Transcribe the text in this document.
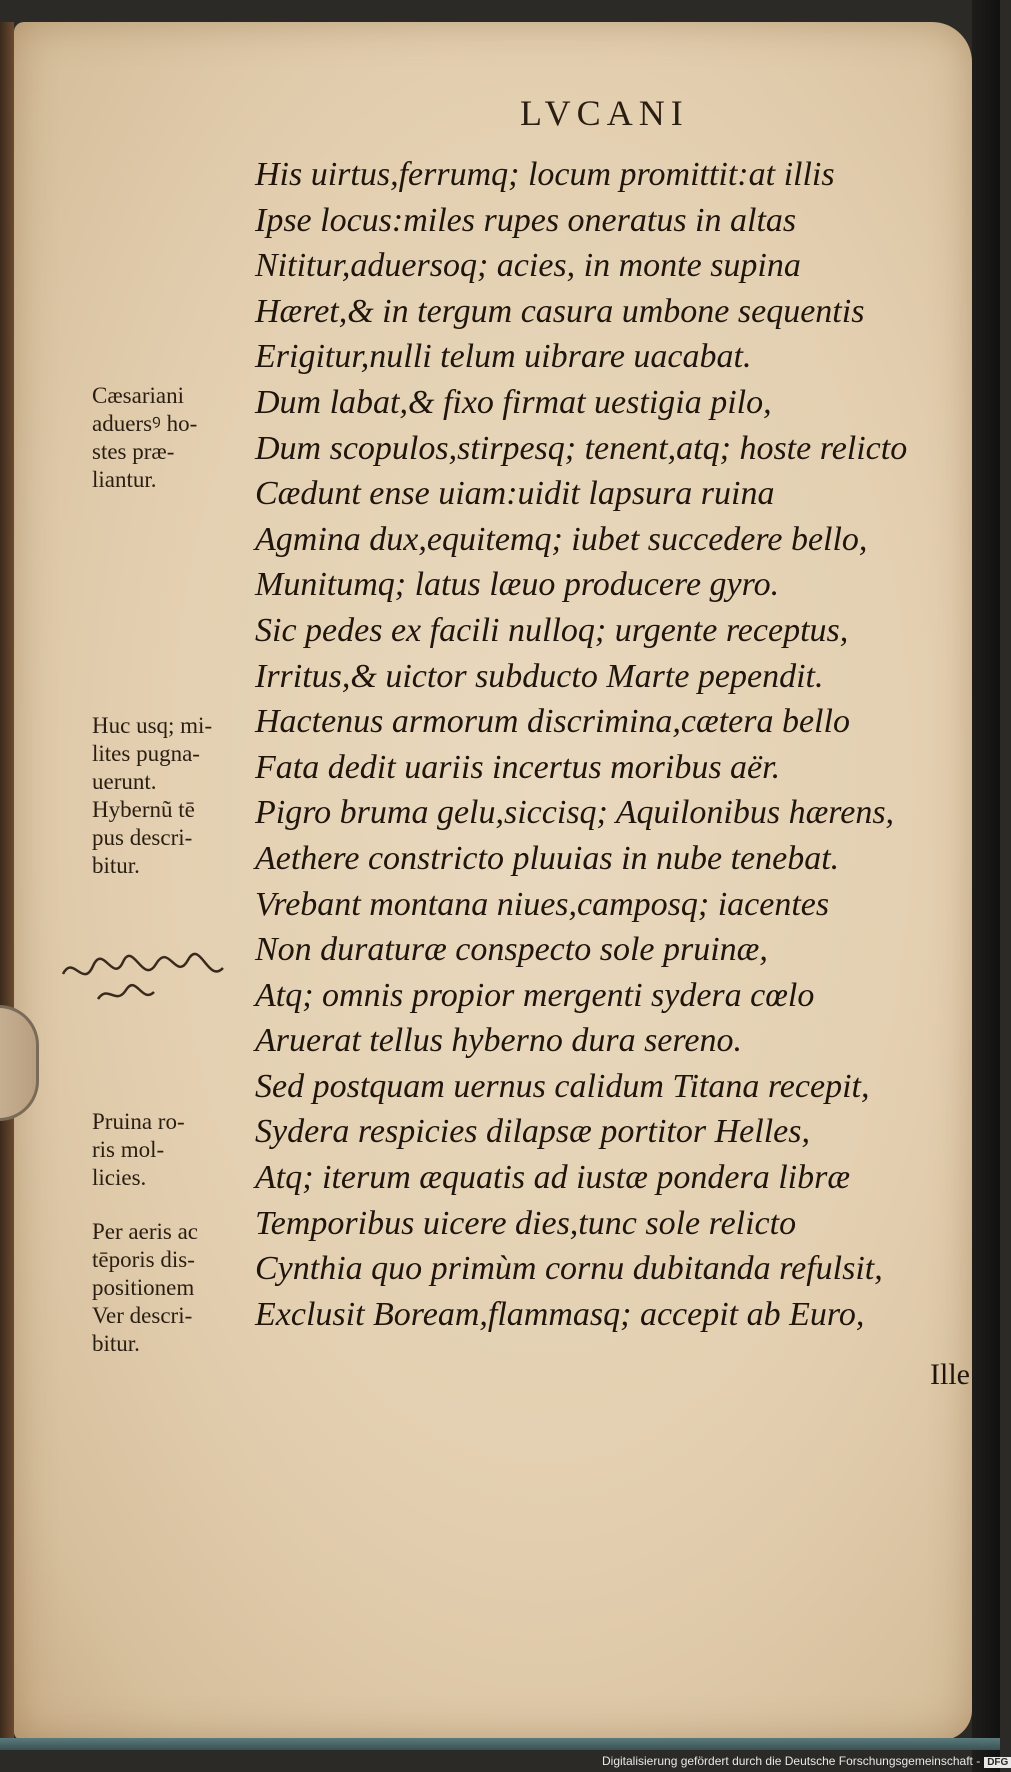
LVCANI
His uirtus,ferrumq; locum promittit:at illis
Ipse locus:miles rupes oneratus in altas
Nititur,aduersoq; acies, in monte supina
Hæret,& in tergum casura umbone sequentis
Erigitur,nulli telum uibrare uacabat.
Dum labat,& fixo firmat uestigia pilo,
Dum scopulos,stirpesq; tenent,atq; hoste relicto
Cædunt ense uiam:uidit lapsura ruina
Agmina dux,equitemq; iubet succedere bello,
Munitumq; latus læuo producere gyro.
Sic pedes ex facili nulloq; urgente receptus,
Irritus,& uictor subducto Marte pependit.
Hactenus armorum discrimina,cætera bello
Fata dedit uariis incertus moribus aër.
Pigro bruma gelu,siccisq; Aquilonibus hærens,
Aethere constricto pluuias in nube tenebat.
Vrebant montana niues,camposq; iacentes
Non duraturæ conspecto sole pruinæ,
Atq; omnis propior mergenti sydera cœlo
Aruerat tellus hyberno dura sereno.
Sed postquam uernus calidum Titana recepit,
Sydera respicies dilapsæ portitor Helles,
Atq; iterum æquatis ad iustæ pondera libræ
Temporibus uicere dies,tunc sole relicto
Cynthia quo primùm cornu dubitanda refulsit,
Exclusit Boream,flammasq; accepit ab Euro,
Cæsariani
aduersꝰ ho-
stes præ-
liantur.
Huc usq; mi-
lites pugna-
uerunt.
Hybernũ tē
pus descri-
bitur.
Pruina ro-
ris mol-
licies.
Per aeris ac
tēporis dis-
positionem
Ver descri-
bitur.
Ille
Digitalisierung gefördert durch die Deutsche Forschungsgemeinschaft - DFG
